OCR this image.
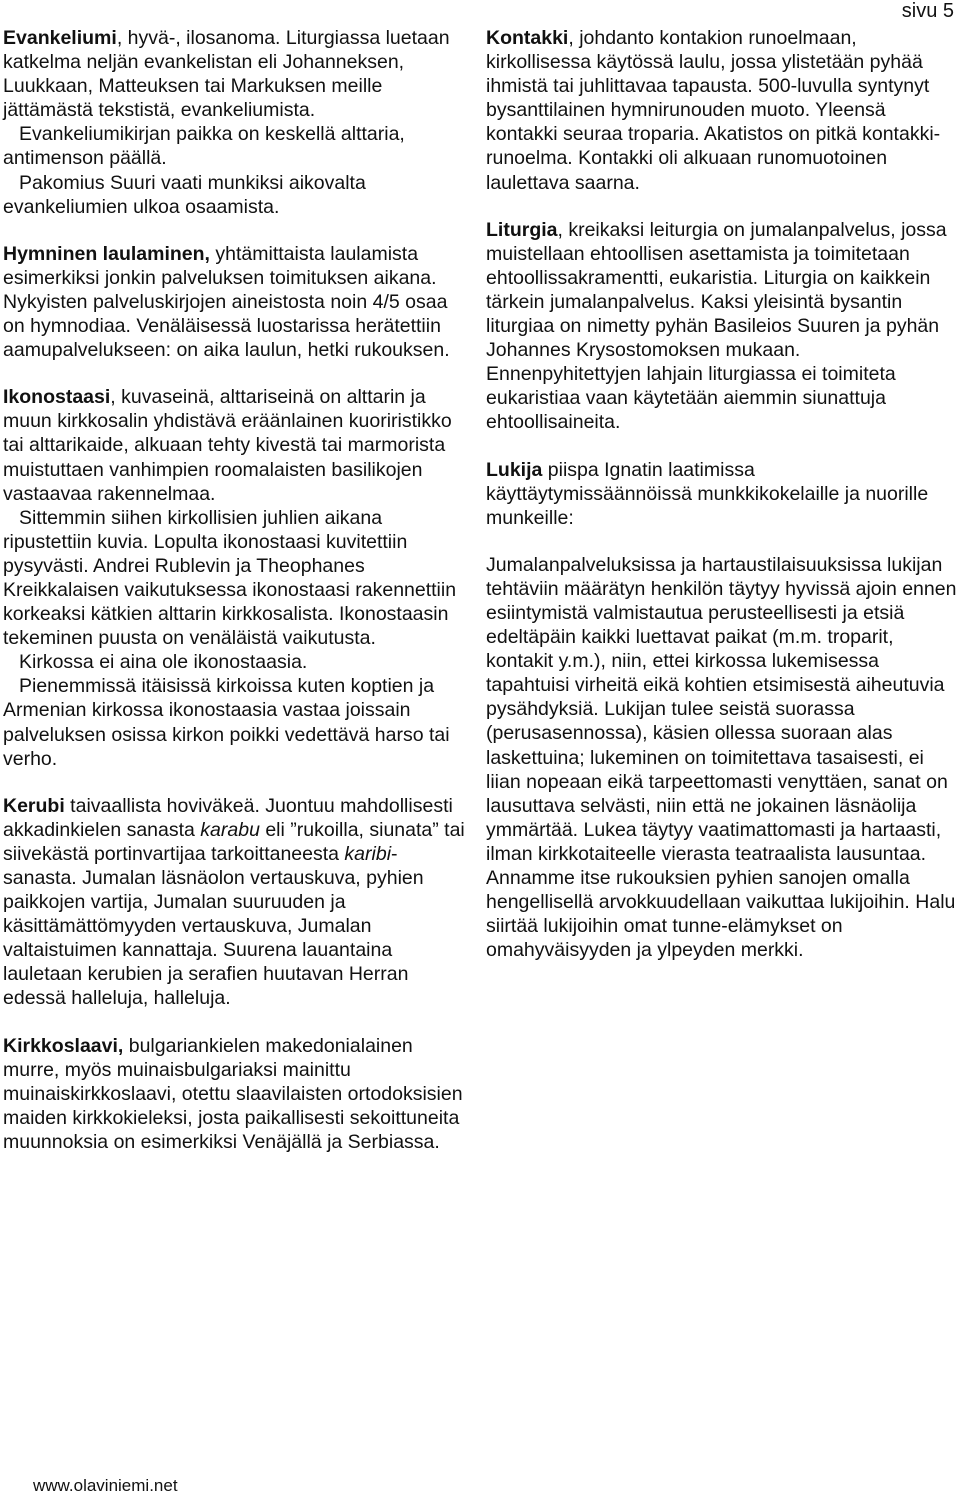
sivu 5

Evankeliumi, hyvä-, ilosanoma. Liturgiassa luetaan katkelma neljän evankelistan eli Johanneksen, Luukkaan, Matteuksen tai Markuksen meille jättämästä tekstistä, evankeliumista.

Evankeliumikirjan paikka on keskellä alttaria, antimenson päällä.

Pakomius Suuri vaati munkiksi aikovalta evankeliumien ulkoa osaamista.

Hymninen laulaminen, yhtämittaista laulamista esimerkiksi jonkin palveluksen toimituksen aikana. Nykyisten palveluskirjojen aineistosta noin 4/5 osaa on hymnodiaa. Venäläisessä luostarissa herätettiin aamupalvelukseen: on aika laulun, hetki rukouksen.

Ikonostaasi, kuvaseinä, alttariseinä on alttarin ja muun kirkkosalin yhdistävä eräänlainen kuoriristikko tai alttarikaide, alkuaan tehty kivestä tai marmorista muistuttaen vanhimpien roomalaisten basilikojen vastaavaa rakennelmaa.

Sittemmin siihen kirkollisien juhlien aikana ripustettiin kuvia. Lopulta ikonostaasi kuvitettiin pysyvästi. Andrei Rublevin ja Theophanes Kreikkalaisen vaikutuksessa ikonostaasi rakennettiin korkeaksi kätkien alttarin kirkkosalista. Ikonostaasin tekeminen puusta on venäläistä vaikutusta.

Kirkossa ei aina ole ikonostaasia.

Pienemmissä itäisissä kirkoissa kuten koptien ja Armenian kirkossa ikonostaasia vastaa joissain palveluksen osissa kirkon poikki vedettävä harso tai verho.

Kerubi taivaallista hoviväkeä. Juontuu mahdollisesti akkadinkielen sanasta karabu eli ”rukoilla, siunata” tai siivekästä portinvartijaa tarkoittaneesta karibi-sanasta. Jumalan läsnäolon vertauskuva, pyhien paikkojen vartija, Jumalan suuruuden ja käsittämättömyyden vertauskuva, Jumalan valtaistuimen kannattaja. Suurena lauantaina lauletaan kerubien ja serafien huutavan Herran edessä halleluja, halleluja.

Kirkkoslaavi, bulgariankielen makedonialainen murre, myös muinaisbulgariaksi mainittu muinaiskirkkoslaavi, otettu slaavilaisten ortodoksisien maiden kirkkokieleksi, josta paikallisesti sekoittuneita muunnoksia on esimerkiksi Venäjällä ja Serbiassa.

Kontakki, johdanto kontakion runoelmaan, kirkollisessa käytössä laulu, jossa ylistetään pyhää ihmistä tai juhlittavaa tapausta. 500-luvulla syntynyt bysanttilainen hymnirunouden muoto. Yleensä kontakki seuraa troparia. Akatistos on pitkä kontakki-runoelma. Kontakki oli alkuaan runomuotoinen laulettava saarna.

Liturgia, kreikaksi leiturgia on jumalanpalvelus, jossa muistellaan ehtoollisen asettamista ja toimitetaan ehtoollissakramentti, eukaristia. Liturgia on kaikkein tärkein jumalanpalvelus. Kaksi yleisintä bysantin liturgiaa on nimetty pyhän Basileios Suuren ja pyhän Johannes Krysostomoksen mukaan. Ennenpyhitettyjen lahjain liturgiassa ei toimiteta eukaristiaa vaan käytetään aiemmin siunattuja ehtoollisaineita.

Lukija piispa Ignatin laatimissa käyttäytymissäännöissä munkkikokelaille ja nuorille munkeille:

Jumalanpalveluksissa ja hartaustilaisuuksissa lukijan tehtäviin määrätyn henkilön täytyy hyvissä ajoin ennen esiintymistä valmistautua perusteellisesti ja etsiä edeltäpäin kaikki luettavat paikat (m.m. troparit, kontakit y.m.), niin, ettei kirkossa lukemisessa tapahtuisi virheitä eikä kohtien etsimisestä aiheutuvia pysähdyksiä. Lukijan tulee seistä suorassa (perusasennossa), käsien ollessa suoraan alas laskettuina; lukeminen on toimitettava tasaisesti, ei liian nopeaan eikä tarpeettomasti venyttäen, sanat on lausuttava selvästi, niin että ne jokainen läsnäolija ymmärtää. Lukea täytyy vaatimattomasti ja hartaasti, ilman kirkkotaiteelle vierasta teatraalista lausuntaa. Annamme itse rukouksien pyhien sanojen omalla hengellisellä arvokkuudellaan vaikuttaa lukijoihin. Halu siirtää lukijoihin omat tunne-elämykset on omahyväisyyden ja ylpeyden merkki.

www.olaviniemi.net
